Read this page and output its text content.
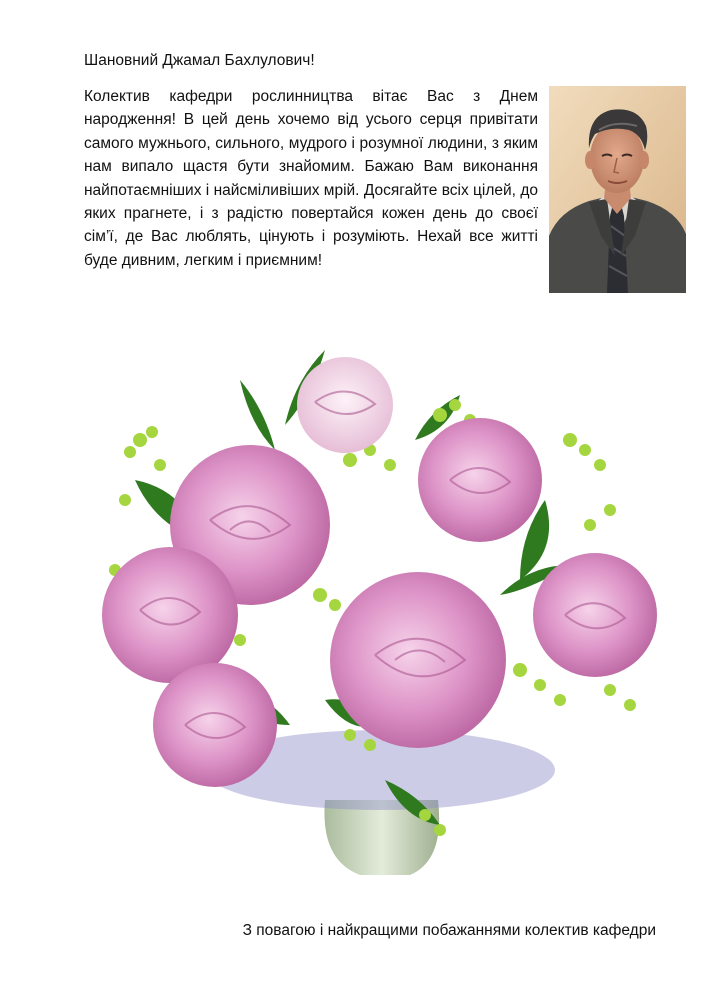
Шановний Джамал Бахлулович!

Колектив кафедри рослинництва вітає Вас з Днем народження! В цей день хочемо від усього серця привітати самого мужнього, сильного, мудрого і розумної людини, з яким нам випало щастя бути знайомим. Бажаю Вам виконання найпотаємніших і найсміливіших мрій. Досягайте всіх цілей, до яких прагнете, і з радістю повертайся кожен день до своєї сім’ї, де Вас люблять, цінують і розуміють. Нехай все житті буде дивним, легким і приємним!

З повагою і найкращими побажаннями колектив кафедри
